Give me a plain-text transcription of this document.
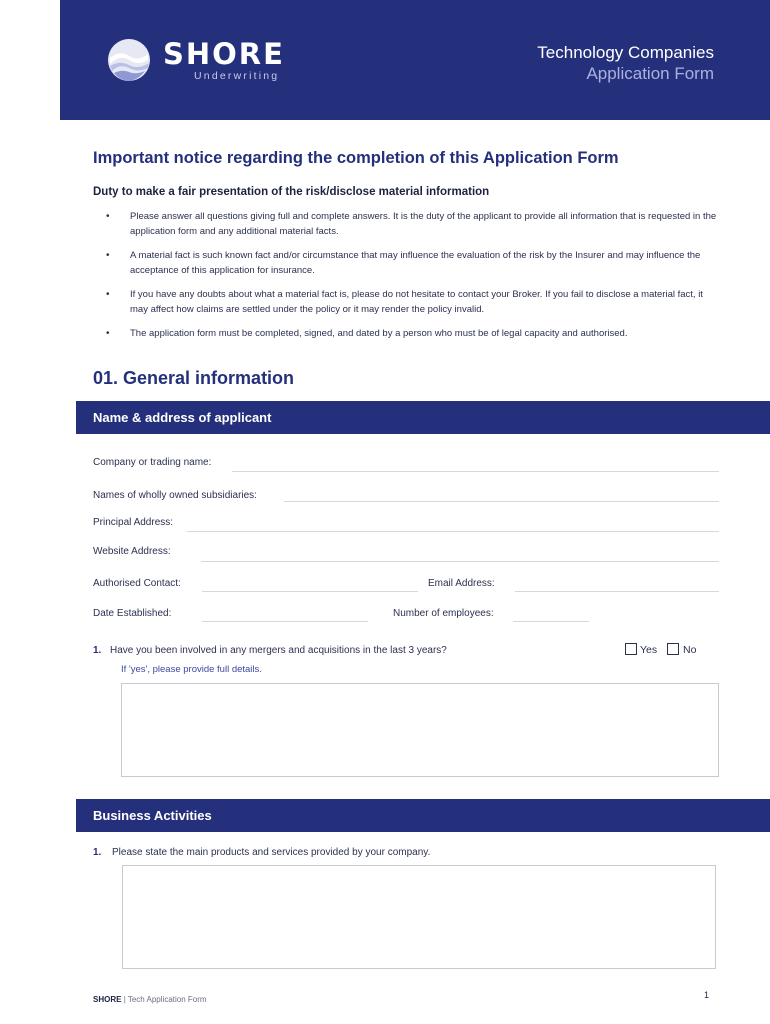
SHORE
Underwriting
Technology Companies
Application Form
Important notice regarding the completion of this Application Form
Duty to make a fair presentation of the risk/disclose material information
• Please answer all questions giving full and complete answers. It is the duty of the applicant to provide all information that is requested in the application form and any additional material facts.
• A material fact is such known fact and/or circumstance that may influence the evaluation of the risk by the Insurer and may influence the acceptance of this application for insurance.
• If you have any doubts about what a material fact is, please do not hesitate to contact your Broker. If you fail to disclose a material fact, it may affect how claims are settled under the policy or it may render the policy invalid.
• The application form must be completed, signed, and dated by a person who must be of legal capacity and authorised.
01. General information
Name & address of applicant
Company or trading name:
Names of wholly owned subsidiaries:
Principal Address:
Website Address:
Authorised Contact:	Email Address:
Date Established:	Number of employees:
1. Have you been involved in any mergers and acquisitions in the last 3 years?	Yes No
If 'yes', please provide full details.
Business Activities
1. Please state the main products and services provided by your company.
SHORE | Tech Application Form	1
